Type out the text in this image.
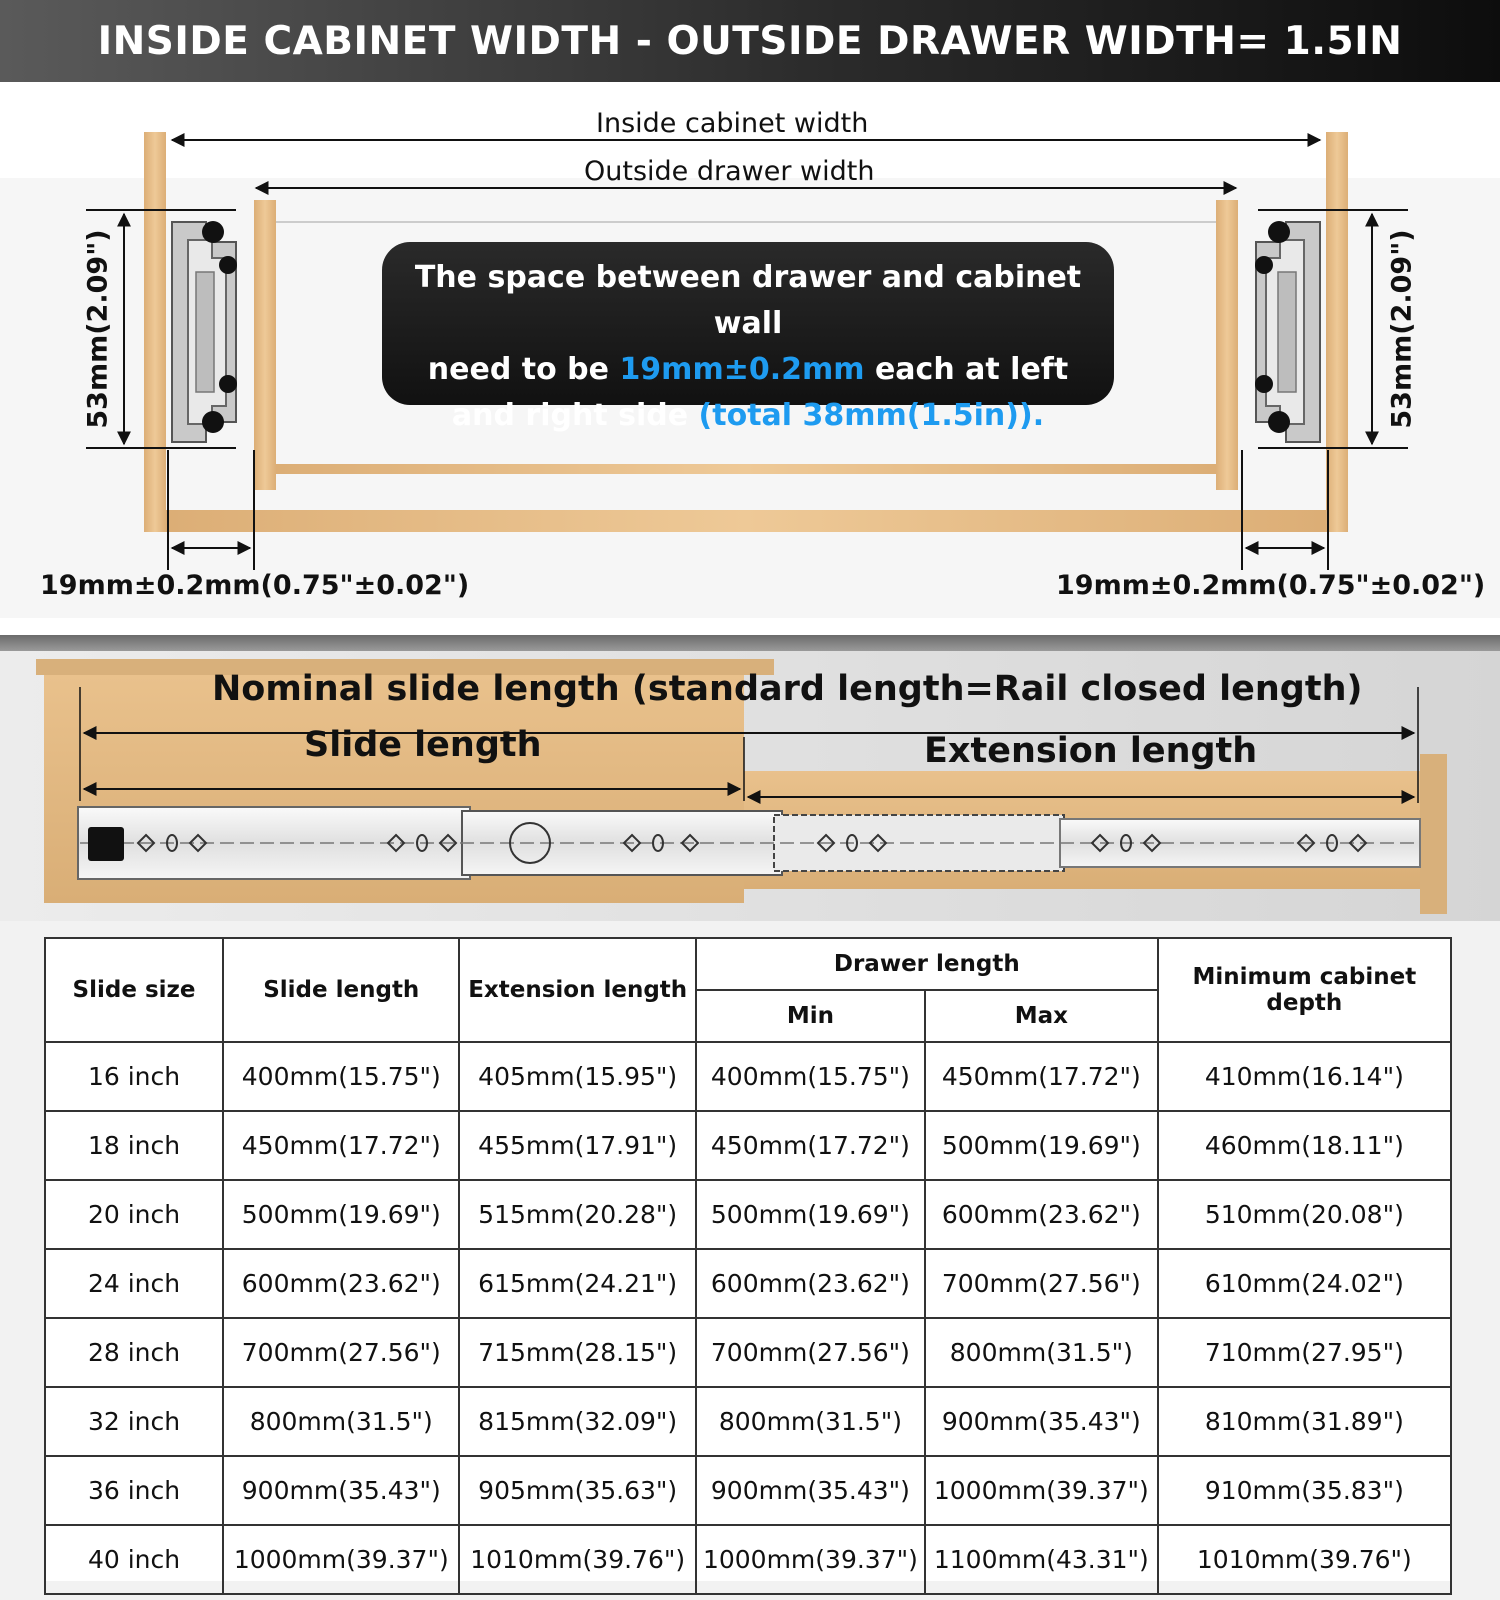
INSIDE CABINET WIDTH - OUTSIDE DRAWER WIDTH= 1.5IN
Inside cabinet width
Outside drawer width
53mm(2.09")	53mm(2.09")
19mm±0.2mm(0.75"±0.02")	19mm±0.2mm(0.75"±0.02")
The space between drawer and cabinet wall
need to be 19mm±0.2mm each at left
and right side (total 38mm(1.5in)).
Nominal slide length (standard length=Rail closed length)
Slide length	Extension length
Slide size	Slide length	Extension length	Drawer length		Minimum cabinet depth
			Min	Max	
16 inch	400mm(15.75")	405mm(15.95")	400mm(15.75")	450mm(17.72")	410mm(16.14")
18 inch	450mm(17.72")	455mm(17.91")	450mm(17.72")	500mm(19.69")	460mm(18.11")
20 inch	500mm(19.69")	515mm(20.28")	500mm(19.69")	600mm(23.62")	510mm(20.08")
24 inch	600mm(23.62")	615mm(24.21")	600mm(23.62")	700mm(27.56")	610mm(24.02")
28 inch	700mm(27.56")	715mm(28.15")	700mm(27.56")	800mm(31.5")	710mm(27.95")
32 inch	800mm(31.5")	815mm(32.09")	800mm(31.5")	900mm(35.43")	810mm(31.89")
36 inch	900mm(35.43")	905mm(35.63")	900mm(35.43")	1000mm(39.37")	910mm(35.83")
40 inch	1000mm(39.37")	1010mm(39.76")	1000mm(39.37")	1100mm(43.31")	1010mm(39.76")
